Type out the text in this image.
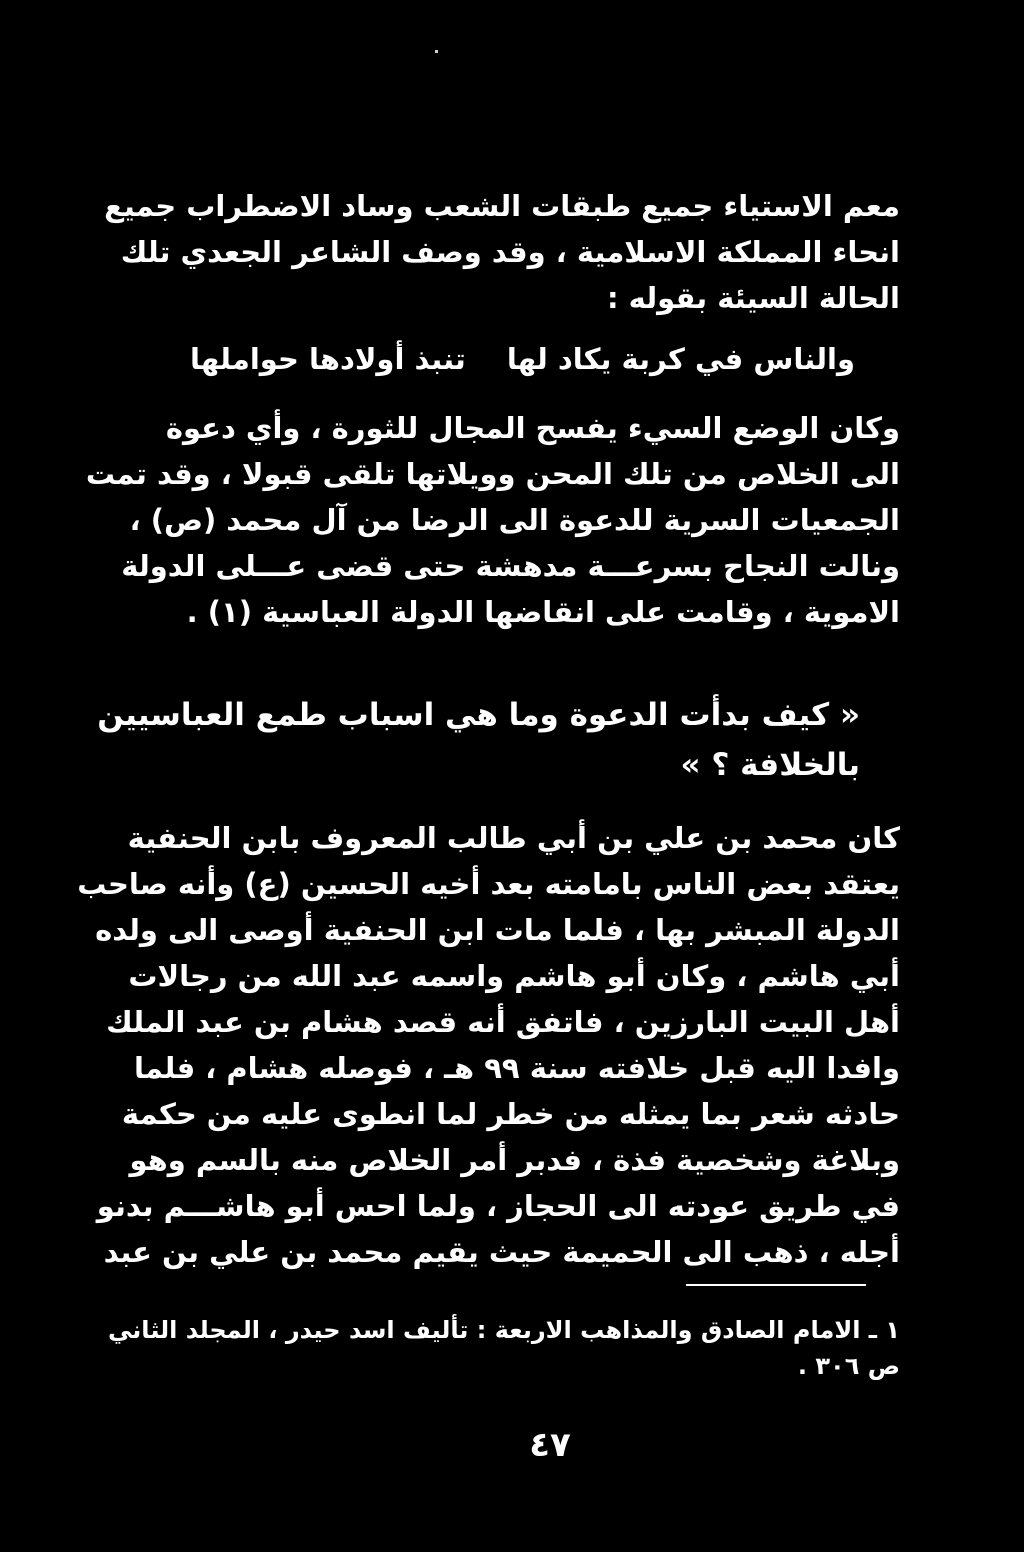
معم الاستياء جميع طبقات الشعب وساد الاضطراب جميع
انحاء المملكة الاسلامية ، وقد وصف الشاعر الجعدي تلك
الحالة السيئة بقوله :
والناس في كربة يكاد لها
تنبذ أولادها حواملها
وكان الوضع السيء يفسح المجال للثورة ، وأي دعوة
الى الخلاص من تلك المحن وويلاتها تلقى قبولا ، وقد تمت
الجمعيات السرية للدعوة الى الرضا من آل محمد (ص) ،
ونالت النجاح بسرعـــة مدهشة حتى قضى عـــلى الدولة
الاموية ، وقامت على انقاضها الدولة العباسية (١) .
« كيف بدأت الدعوة وما هي اسباب طمع العباسيين
بالخلافة ؟ »
كان محمد بن علي بن أبي طالب المعروف بابن الحنفية
يعتقد بعض الناس بامامته بعد أخيه الحسين (ع) وأنه صاحب
الدولة المبشر بها ، فلما مات ابن الحنفية أوصى الى ولده
أبي هاشم ، وكان أبو هاشم واسمه عبد الله من رجالات
أهل البيت البارزين ، فاتفق أنه قصد هشام بن عبد الملك
وافدا اليه قبل خلافته سنة ٩٩ هـ ، فوصله هشام ، فلما
حادثه شعر بما يمثله من خطر لما انطوى عليه من حكمة
وبلاغة وشخصية فذة ، فدبر أمر الخلاص منه بالسم وهو
في طريق عودته الى الحجاز ، ولما احس أبو هاشـــم بدنو
أجله ، ذهب الى الحميمة حيث يقيم محمد بن علي بن عبد
١ ـ الامام الصادق والمذاهب الاربعة : تأليف اسد حيدر ، المجلد الثاني
ص ٣٠٦ .
٤٧
